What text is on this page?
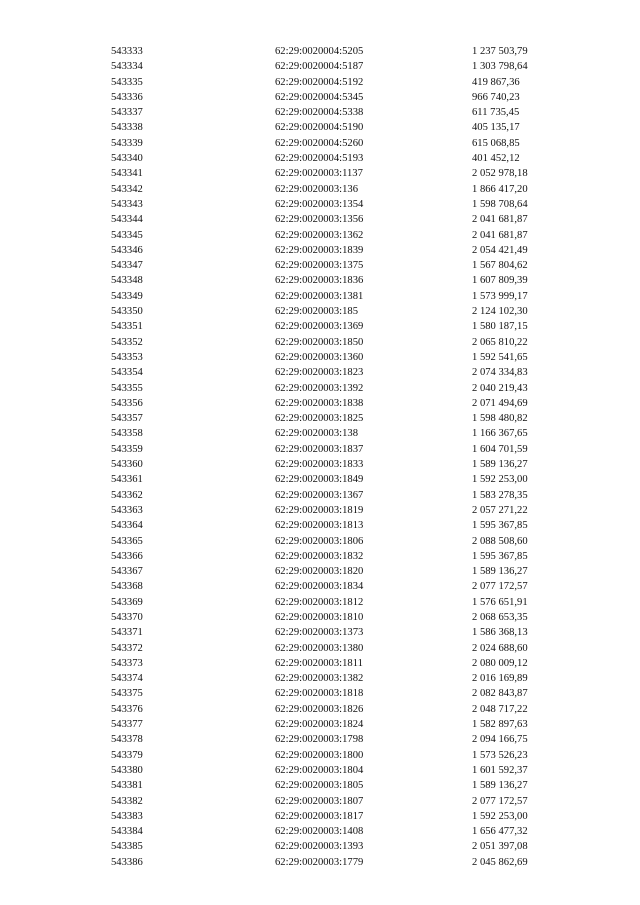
543333	62:29:0020004:5205	1 237 503,79
543334	62:29:0020004:5187	1 303 798,64
543335	62:29:0020004:5192	419 867,36
543336	62:29:0020004:5345	966 740,23
543337	62:29:0020004:5338	611 735,45
543338	62:29:0020004:5190	405 135,17
543339	62:29:0020004:5260	615 068,85
543340	62:29:0020004:5193	401 452,12
543341	62:29:0020003:1137	2 052 978,18
543342	62:29:0020003:136	1 866 417,20
543343	62:29:0020003:1354	1 598 708,64
543344	62:29:0020003:1356	2 041 681,87
543345	62:29:0020003:1362	2 041 681,87
543346	62:29:0020003:1839	2 054 421,49
543347	62:29:0020003:1375	1 567 804,62
543348	62:29:0020003:1836	1 607 809,39
543349	62:29:0020003:1381	1 573 999,17
543350	62:29:0020003:185	2 124 102,30
543351	62:29:0020003:1369	1 580 187,15
543352	62:29:0020003:1850	2 065 810,22
543353	62:29:0020003:1360	1 592 541,65
543354	62:29:0020003:1823	2 074 334,83
543355	62:29:0020003:1392	2 040 219,43
543356	62:29:0020003:1838	2 071 494,69
543357	62:29:0020003:1825	1 598 480,82
543358	62:29:0020003:138	1 166 367,65
543359	62:29:0020003:1837	1 604 701,59
543360	62:29:0020003:1833	1 589 136,27
543361	62:29:0020003:1849	1 592 253,00
543362	62:29:0020003:1367	1 583 278,35
543363	62:29:0020003:1819	2 057 271,22
543364	62:29:0020003:1813	1 595 367,85
543365	62:29:0020003:1806	2 088 508,60
543366	62:29:0020003:1832	1 595 367,85
543367	62:29:0020003:1820	1 589 136,27
543368	62:29:0020003:1834	2 077 172,57
543369	62:29:0020003:1812	1 576 651,91
543370	62:29:0020003:1810	2 068 653,35
543371	62:29:0020003:1373	1 586 368,13
543372	62:29:0020003:1380	2 024 688,60
543373	62:29:0020003:1811	2 080 009,12
543374	62:29:0020003:1382	2 016 169,89
543375	62:29:0020003:1818	2 082 843,87
543376	62:29:0020003:1826	2 048 717,22
543377	62:29:0020003:1824	1 582 897,63
543378	62:29:0020003:1798	2 094 166,75
543379	62:29:0020003:1800	1 573 526,23
543380	62:29:0020003:1804	1 601 592,37
543381	62:29:0020003:1805	1 589 136,27
543382	62:29:0020003:1807	2 077 172,57
543383	62:29:0020003:1817	1 592 253,00
543384	62:29:0020003:1408	1 656 477,32
543385	62:29:0020003:1393	2 051 397,08
543386	62:29:0020003:1779	2 045 862,69
